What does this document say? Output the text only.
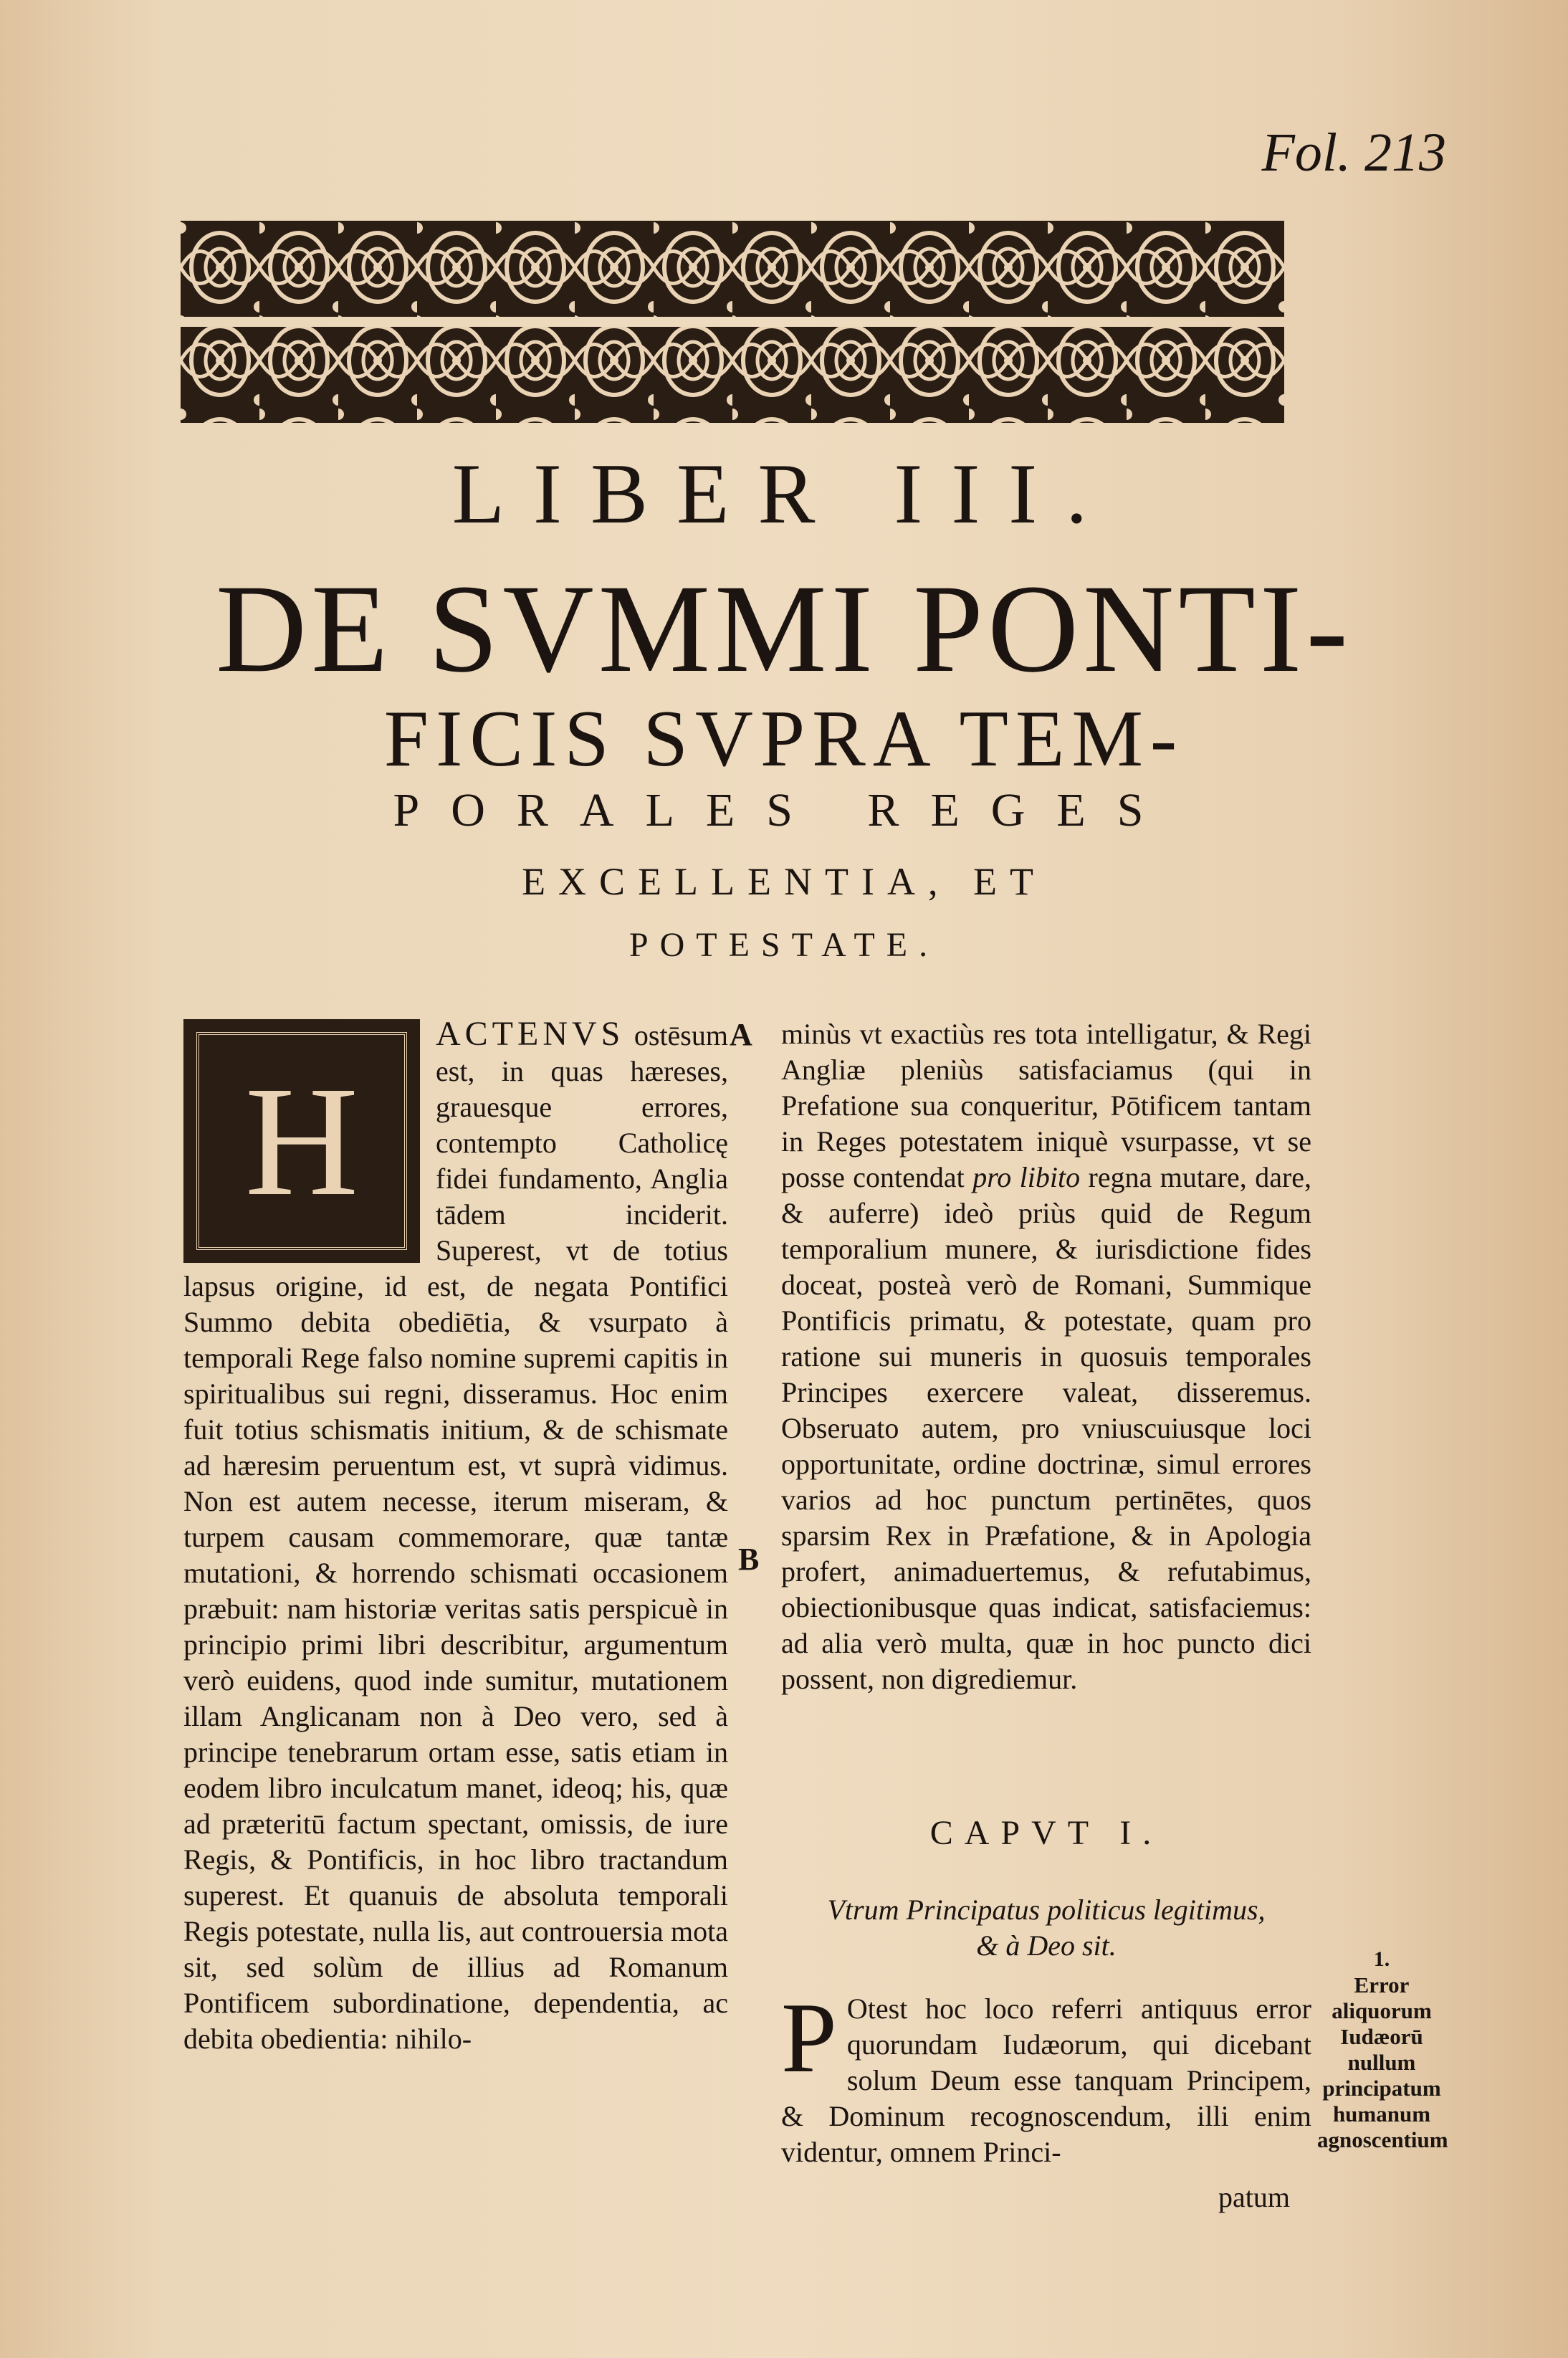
Fol. 213
LIBER III.
DE SVMMI PONTI-
FICIS SVPRA TEM-
PORALES REGES
EXCELLENTIA, ET
POTESTATE.
H

ACTENVS ostēsum est, in quas hæreses, grauesque errores, contempto Catholicę fidei fundamento, Anglia tādem inciderit. Superest, vt de totius lapsus origine, id est, de negata Pontifici Summo debita obediētia, & vsurpato à temporali Rege falso nomine supremi capitis in spiritualibus sui regni, disseramus. Hoc enim fuit totius schismatis initium, & de schismate ad hæresim peruentum est, vt suprà vidimus. Non est autem necesse, iterum miseram, & turpem causam commemorare, quæ tantæ mutationi, & horrendo schismati occasionem præbuit: nam historiæ veritas satis perspicuè in principio primi libri describitur, argumentum verò euidens, quod inde sumitur, mutationem illam Anglicanam non à Deo vero, sed à principe tenebrarum ortam esse, satis etiam in eodem libro inculcatum manet, ideoq; his, quæ ad præteritū factum spectant, omissis, de iure Regis, & Pontificis, in hoc libro tractandum superest. Et quanuis de absoluta temporali Regis potestate, nulla lis, aut controuersia mota sit, sed solùm de illius ad Romanum Pontificem subordinatione, dependentia, ac debita obedientia: nihilo-

A
B

minùs vt exactiùs res tota intelligatur, & Regi Angliæ pleniùs satisfaciamus (qui in Prefatione sua conqueritur, Pōtificem tantam in Reges potestatem iniquè vsurpasse, vt se posse contendat pro libito regna mutare, dare, & auferre) ideò priùs quid de Regum temporalium munere, & iurisdictione fides doceat, posteà verò de Romani, Summique Pontificis primatu, & potestate, quam pro ratione sui muneris in quosuis temporales Principes exercere valeat, disseremus. Obseruato autem, pro vniuscuiusque loci opportunitate, ordine doctrinæ, simul errores varios ad hoc punctum pertinētes, quos sparsim Rex in Præfatione, & in Apologia profert, animaduertemus, & refutabimus, obiectionibusque quas indicat, satisfaciemus: ad alia verò multa, quæ in hoc puncto dici possent, non digrediemur.

CAPVT I.
Vtrum Principatus politicus legitimus,
& à Deo sit.
P Otest hoc loco referri antiquus error quorundam Iudæorum, qui dicebant solum Deum esse tanquam Principem, & Dominum recognoscendum, illi enim videntur, omnem Princi-

patum
1.
Error aliquorum Iudæorū nullum principatum humanum agnoscentium
